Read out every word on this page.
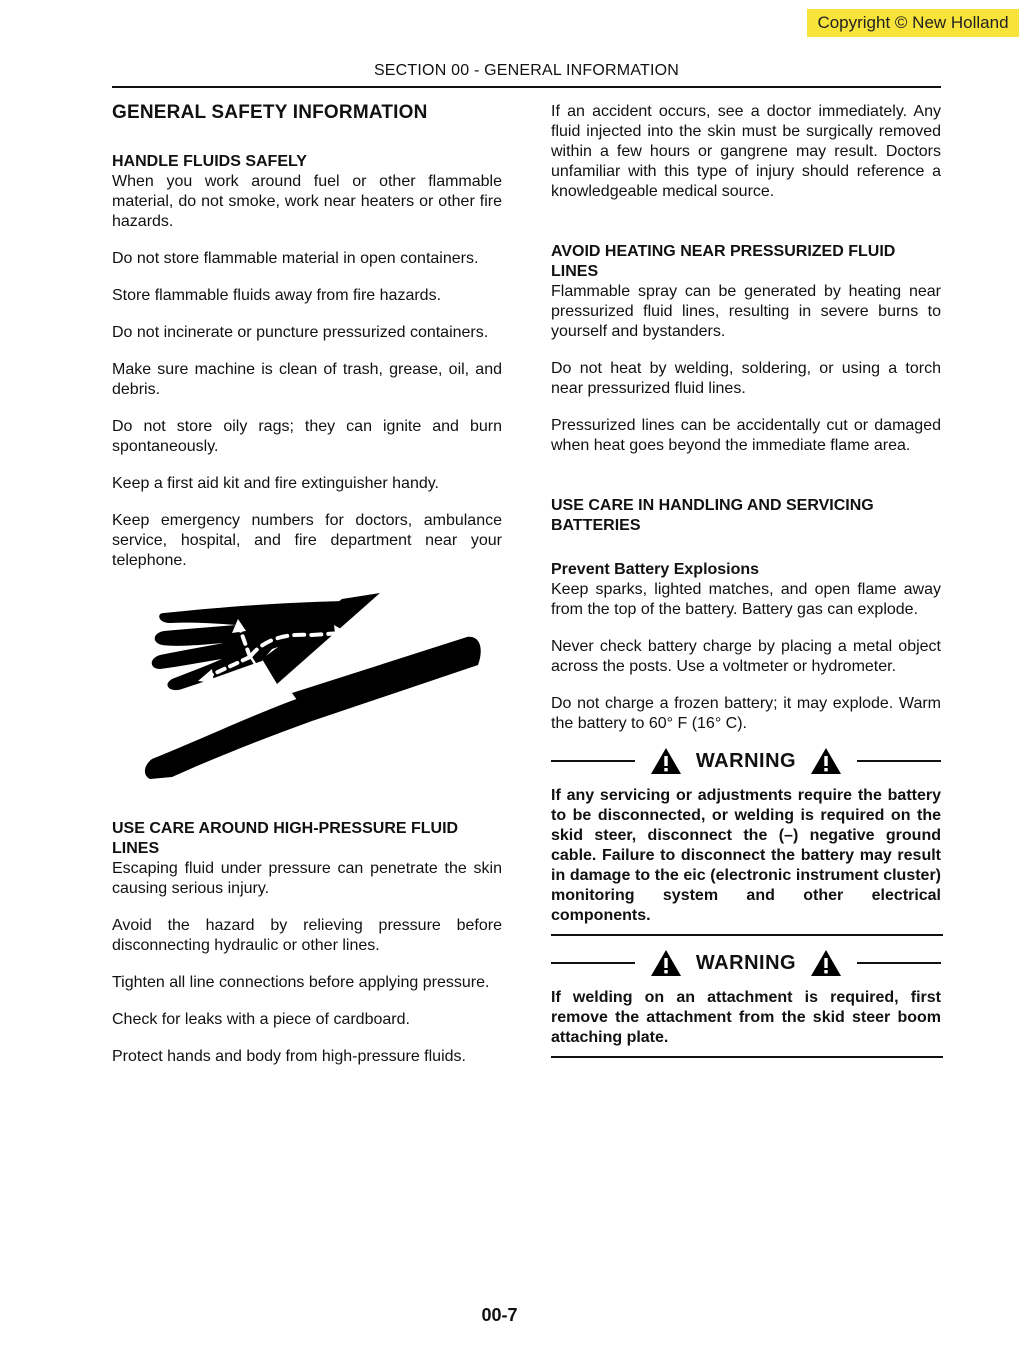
Copyright © New Holland
SECTION 00 - GENERAL INFORMATION
GENERAL SAFETY INFORMATION
HANDLE FLUIDS SAFELY

When you work around fuel or other flammable material, do not smoke, work near heaters or other fire hazards.

Do not store flammable material in open containers.

Store flammable fluids away from fire hazards.

Do not incinerate or puncture pressurized containers.

Make sure machine is clean of trash, grease, oil, and debris.

Do not store oily rags; they can ignite and burn spontaneously.

Keep a first aid kit and fire extinguisher handy.

Keep emergency numbers for doctors, ambulance service, hospital, and fire department near your telephone.

USE CARE AROUND HIGH-PRESSURE FLUID LINES

Escaping fluid under pressure can penetrate the skin causing serious injury.

Avoid the hazard by relieving pressure before disconnecting hydraulic or other lines.

Tighten all line connections before applying pressure.

Check for leaks with a piece of cardboard.

Protect hands and body from high-pressure fluids.

If an accident occurs, see a doctor immediately. Any fluid injected into the skin must be surgically removed within a few hours or gangrene may result. Doctors unfamiliar with this type of injury should reference a knowledgeable medical source.

AVOID HEATING NEAR PRESSURIZED FLUID LINES

Flammable spray can be generated by heating near pressurized fluid lines, resulting in severe burns to yourself and bystanders.

Do not heat by welding, soldering, or using a torch near pressurized fluid lines.

Pressurized lines can be accidentally cut or damaged when heat goes beyond the immediate flame area.

USE CARE IN HANDLING AND SERVICING BATTERIES
Prevent Battery Explosions

Keep sparks, lighted matches, and open flame away from the top of the battery. Battery gas can explode.

Never check battery charge by placing a metal object across the posts. Use a voltmeter or hydrometer.

Do not charge a frozen battery; it may explode. Warm the battery to 60° F (16° C).

WARNING

If any servicing or adjustments require the battery to be disconnected, or welding is required on the skid steer, disconnect the (–) negative ground cable. Failure to disconnect the battery may result in damage to the eic (electronic instrument cluster) monitoring system and other electrical components.

WARNING

If welding on an attachment is required, first remove the attachment from the skid steer boom attaching plate.

00-7
